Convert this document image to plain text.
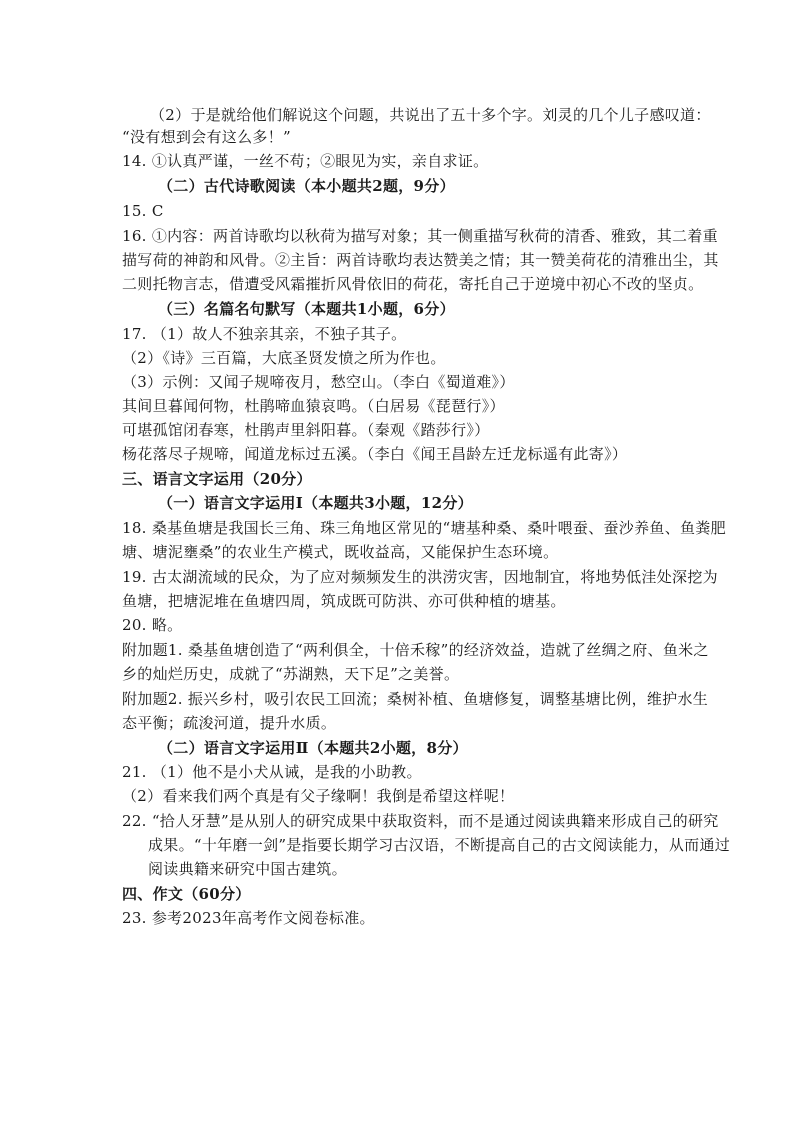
（2）于是就给他们解说这个问题，共说出了五十多个字。刘灵的几个儿子感叹道：
“没有想到会有这么多！”
14. ①认真严谨，一丝不苟；②眼见为实，亲自求证。
（二）古代诗歌阅读（本小题共2题，9分）
15. C
16. ①内容：两首诗歌均以秋荷为描写对象；其一侧重描写秋荷的清香、雅致，其二着重
描写荷的神韵和风骨。②主旨：两首诗歌均表达赞美之情；其一赞美荷花的清雅出尘，其
二则托物言志，借遭受风霜摧折风骨依旧的荷花，寄托自己于逆境中初心不改的坚贞。
（三）名篇名句默写（本题共1小题，6分）
17. （1）故人不独亲其亲，不独子其子。
（2）《诗》三百篇，大底圣贤发愤之所为作也。
（3）示例：又闻子规啼夜月，愁空山。（李白《蜀道难》）
其间旦暮闻何物，杜鹃啼血猿哀鸣。（白居易《琵琶行》）
可堪孤馆闭春寒，杜鹃声里斜阳暮。（秦观《踏莎行》）
杨花落尽子规啼，闻道龙标过五溪。（李白《闻王昌龄左迁龙标遥有此寄》）
三、语言文字运用（20分）
（一）语言文字运用Ⅰ（本题共3小题，12分）
18. 桑基鱼塘是我国长三角、珠三角地区常见的“塘基种桑、桑叶喂蚕、蚕沙养鱼、鱼粪肥
塘、塘泥壅桑”的农业生产模式，既收益高，又能保护生态环境。
19. 古太湖流域的民众，为了应对频频发生的洪涝灾害，因地制宜，将地势低洼处深挖为
鱼塘，把塘泥堆在鱼塘四周，筑成既可防洪、亦可供种植的塘基。
20. 略。
附加题1. 桑基鱼塘创造了“两利俱全，十倍禾稼”的经济效益，造就了丝绸之府、鱼米之
乡的灿烂历史，成就了“苏湖熟，天下足”之美誉。
附加题2. 振兴乡村，吸引农民工回流；桑树补植、鱼塘修复，调整基塘比例，维护水生
态平衡；疏浚河道，提升水质。
（二）语言文字运用Ⅱ（本题共2小题，8分）
21. （1）他不是小犬从诫，是我的小助教。
（2）看来我们两个真是有父子缘啊！我倒是希望这样呢！
22. “拾人牙慧”是从别人的研究成果中获取资料，而不是通过阅读典籍来形成自己的研究
成果。“十年磨一剑”是指要长期学习古汉语，不断提高自己的古文阅读能力，从而通过
阅读典籍来研究中国古建筑。
四、作文（60分）
23. 参考2023年高考作文阅卷标准。
